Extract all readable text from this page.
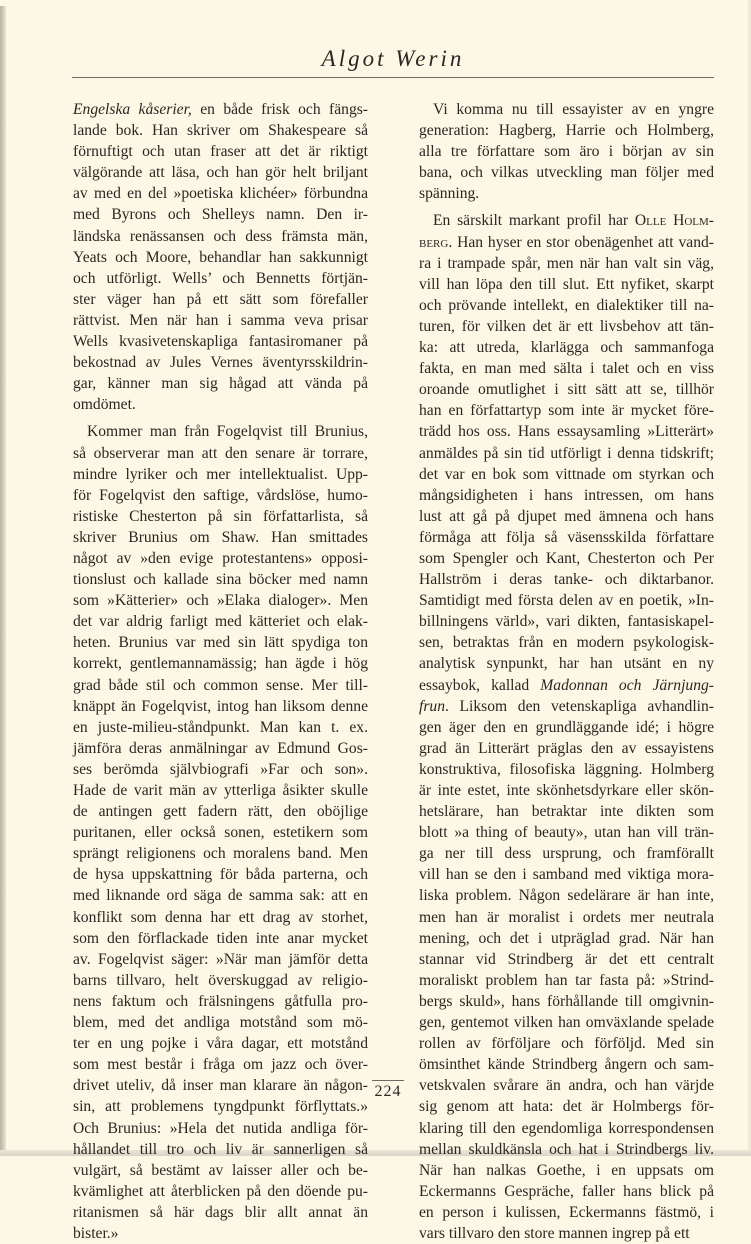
Algot Werin
Engelska kåserier, en både frisk och fängs-
lande bok. Han skriver om Shakespeare så
förnuftigt och utan fraser att det är riktigt
välgörande att läsa, och han gör helt briljant
av med en del »poetiska klichéer» förbundna
med Byrons och Shelleys namn. Den ir-
ländska renässansen och dess främsta män,
Yeats och Moore, behandlar han sakkunnigt
och utförligt. Wells’ och Bennetts förtjän-
ster väger han på ett sätt som förefaller
rättvist. Men när han i samma veva prisar
Wells kvasivetenskapliga fantasiromaner på
bekostnad av Jules Vernes äventyrsskildrin-
gar, känner man sig hågad att vända på
omdömet.
Kommer man från Fogelqvist till Brunius,
så observerar man att den senare är torrare,
mindre lyriker och mer intellektualist. Upp-
för Fogelqvist den saftige, vårdslöse, humo-
ristiske Chesterton på sin författarlista, så
skriver Brunius om Shaw. Han smittades
något av »den evige protestantens» opposi-
tionslust och kallade sina böcker med namn
som »Kätterier» och »Elaka dialoger». Men
det var aldrig farligt med kätteriet och elak-
heten. Brunius var med sin lätt spydiga ton
korrekt, gentlemannamässig; han ägde i hög
grad både stil och common sense. Mer till-
knäppt än Fogelqvist, intog han liksom denne
en juste-milieu-ståndpunkt. Man kan t. ex.
jämföra deras anmälningar av Edmund Gos-
ses berömda självbiografi »Far och son».
Hade de varit män av ytterliga åsikter skulle
de antingen gett fadern rätt, den oböjlige
puritanen, eller också sonen, estetikern som
sprängt religionens och moralens band. Men
de hysa uppskattning för båda parterna, och
med liknande ord säga de samma sak: att en
konflikt som denna har ett drag av storhet,
som den förflackade tiden inte anar mycket
av. Fogelqvist säger: »När man jämför detta
barns tillvaro, helt överskuggad av religio-
nens faktum och frälsningens gåtfulla pro-
blem, med det andliga motstånd som mö-
ter en ung pojke i våra dagar, ett motstånd
som mest består i fråga om jazz och över-
drivet uteliv, då inser man klarare än någon-
sin, att problemens tyngdpunkt förflyttats.»
Och Brunius: »Hela det nutida andliga för-
hållandet till tro och liv är sannerligen så
vulgärt, så bestämt av laisser aller och be-
kvämlighet att återblicken på den döende pu-
ritanismen så här dags blir allt annat än
bister.»
Vi komma nu till essayister av en yngre
generation: Hagberg, Harrie och Holmberg,
alla tre författare som äro i början av sin
bana, och vilkas utveckling man följer med
spänning.
En särskilt markant profil har Olle Holm-
berg. Han hyser en stor obenägenhet att vand-
ra i trampade spår, men när han valt sin väg,
vill han löpa den till slut. Ett nyfiket, skarpt
och prövande intellekt, en dialektiker till na-
turen, för vilken det är ett livsbehov att tän-
ka: att utreda, klarlägga och sammanfoga
fakta, en man med sälta i talet och en viss
oroande omutlighet i sitt sätt att se, tillhör
han en författartyp som inte är mycket före-
trädd hos oss. Hans essaysamling »Litterärt»
anmäldes på sin tid utförligt i denna tidskrift;
det var en bok som vittnade om styrkan och
mångsidigheten i hans intressen, om hans
lust att gå på djupet med ämnena och hans
förmåga att följa så väsensskilda författare
som Spengler och Kant, Chesterton och Per
Hallström i deras tanke- och diktarbanor.
Samtidigt med första delen av en poetik, »In-
billningens värld», vari dikten, fantasiskapel-
sen, betraktas från en modern psykologisk-
analytisk synpunkt, har han utsänt en ny
essaybok, kallad Madonnan och Järnjung-
frun. Liksom den vetenskapliga avhandlin-
gen äger den en grundläggande idé; i högre
grad än Litterärt präglas den av essayistens
konstruktiva, filosofiska läggning. Holmberg
är inte estet, inte skönhetsdyrkare eller skön-
hetslärare, han betraktar inte dikten som
blott »a thing of beauty», utan han vill trän-
ga ner till dess ursprung, och framförallt
vill han se den i samband med viktiga mora-
liska problem. Någon sedelärare är han inte,
men han är moralist i ordets mer neutrala
mening, och det i utpräglad grad. När han
stannar vid Strindberg är det ett centralt
moraliskt problem han tar fasta på: »Strind-
bergs skuld», hans förhållande till omgivnin-
gen, gentemot vilken han omväxlande spelade
rollen av förföljare och förföljd. Med sin
ömsinthet kände Strindberg ångern och sam-
vetskvalen svårare än andra, och han värjde
sig genom att hata: det är Holmbergs för-
klaring till den egendomliga korrespondensen
mellan skuldkänsla och hat i Strindbergs liv.
När han nalkas Goethe, i en uppsats om
Eckermanns Gespräche, faller hans blick på
en person i kulissen, Eckermanns fästmö, i
vars tillvaro den store mannen ingrep på ett
224
